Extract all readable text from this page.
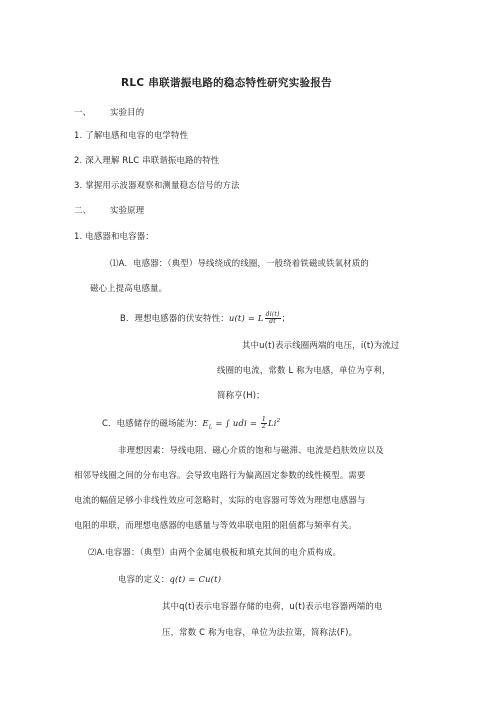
RLC 串联谐振电路的稳态特性研究实验报告
一、 实验目的
1. 了解电感和电容的电学特性
2. 深入理解 RLC 串联谐振电路的特性
3. 掌握用示波器观察和测量稳态信号的方法
二、 实验原理
1. 电感器和电容器：
⑴A．电感器：（典型）导线绕成的线圈，一般绕着铁磁或铁氧材质的
磁心上提高电感量。
B．理想电感器的伏安特性：u(t) = L $\frac{di(t)}{dt}$ ；
其中u(t)表示线圈两端的电压，i(t)为流过
线圈的电流，常数 L 称为电感，单位为亨利，
简称亨(H)；
C．电感储存的磁场能为：$E_L$ = ∫ udi = $\frac{1}{2} Li^2$
非理想因素：导线电阻、磁心介质的饱和与磁滞、电流是趋肤效应以及
相邻导线圈之间的分布电容。会导致电路行为偏离固定参数的线性模型。需要
电流的幅值足够小非线性效应可忽略时，实际的电容器可等效为理想电感器与
电阻的串联，而理想电感器的电感量与等效串联电阻的阻值都与频率有关。
⑵A.电容器：（典型）由两个金属电极板和填充其间的电介质构成。
电容的定义：q(t) = Cu(t)
其中q(t)表示电容器存储的电荷，u(t)表示电容器两端的电
压，常数 C 称为电容，单位为法拉第，简称法(F)。
